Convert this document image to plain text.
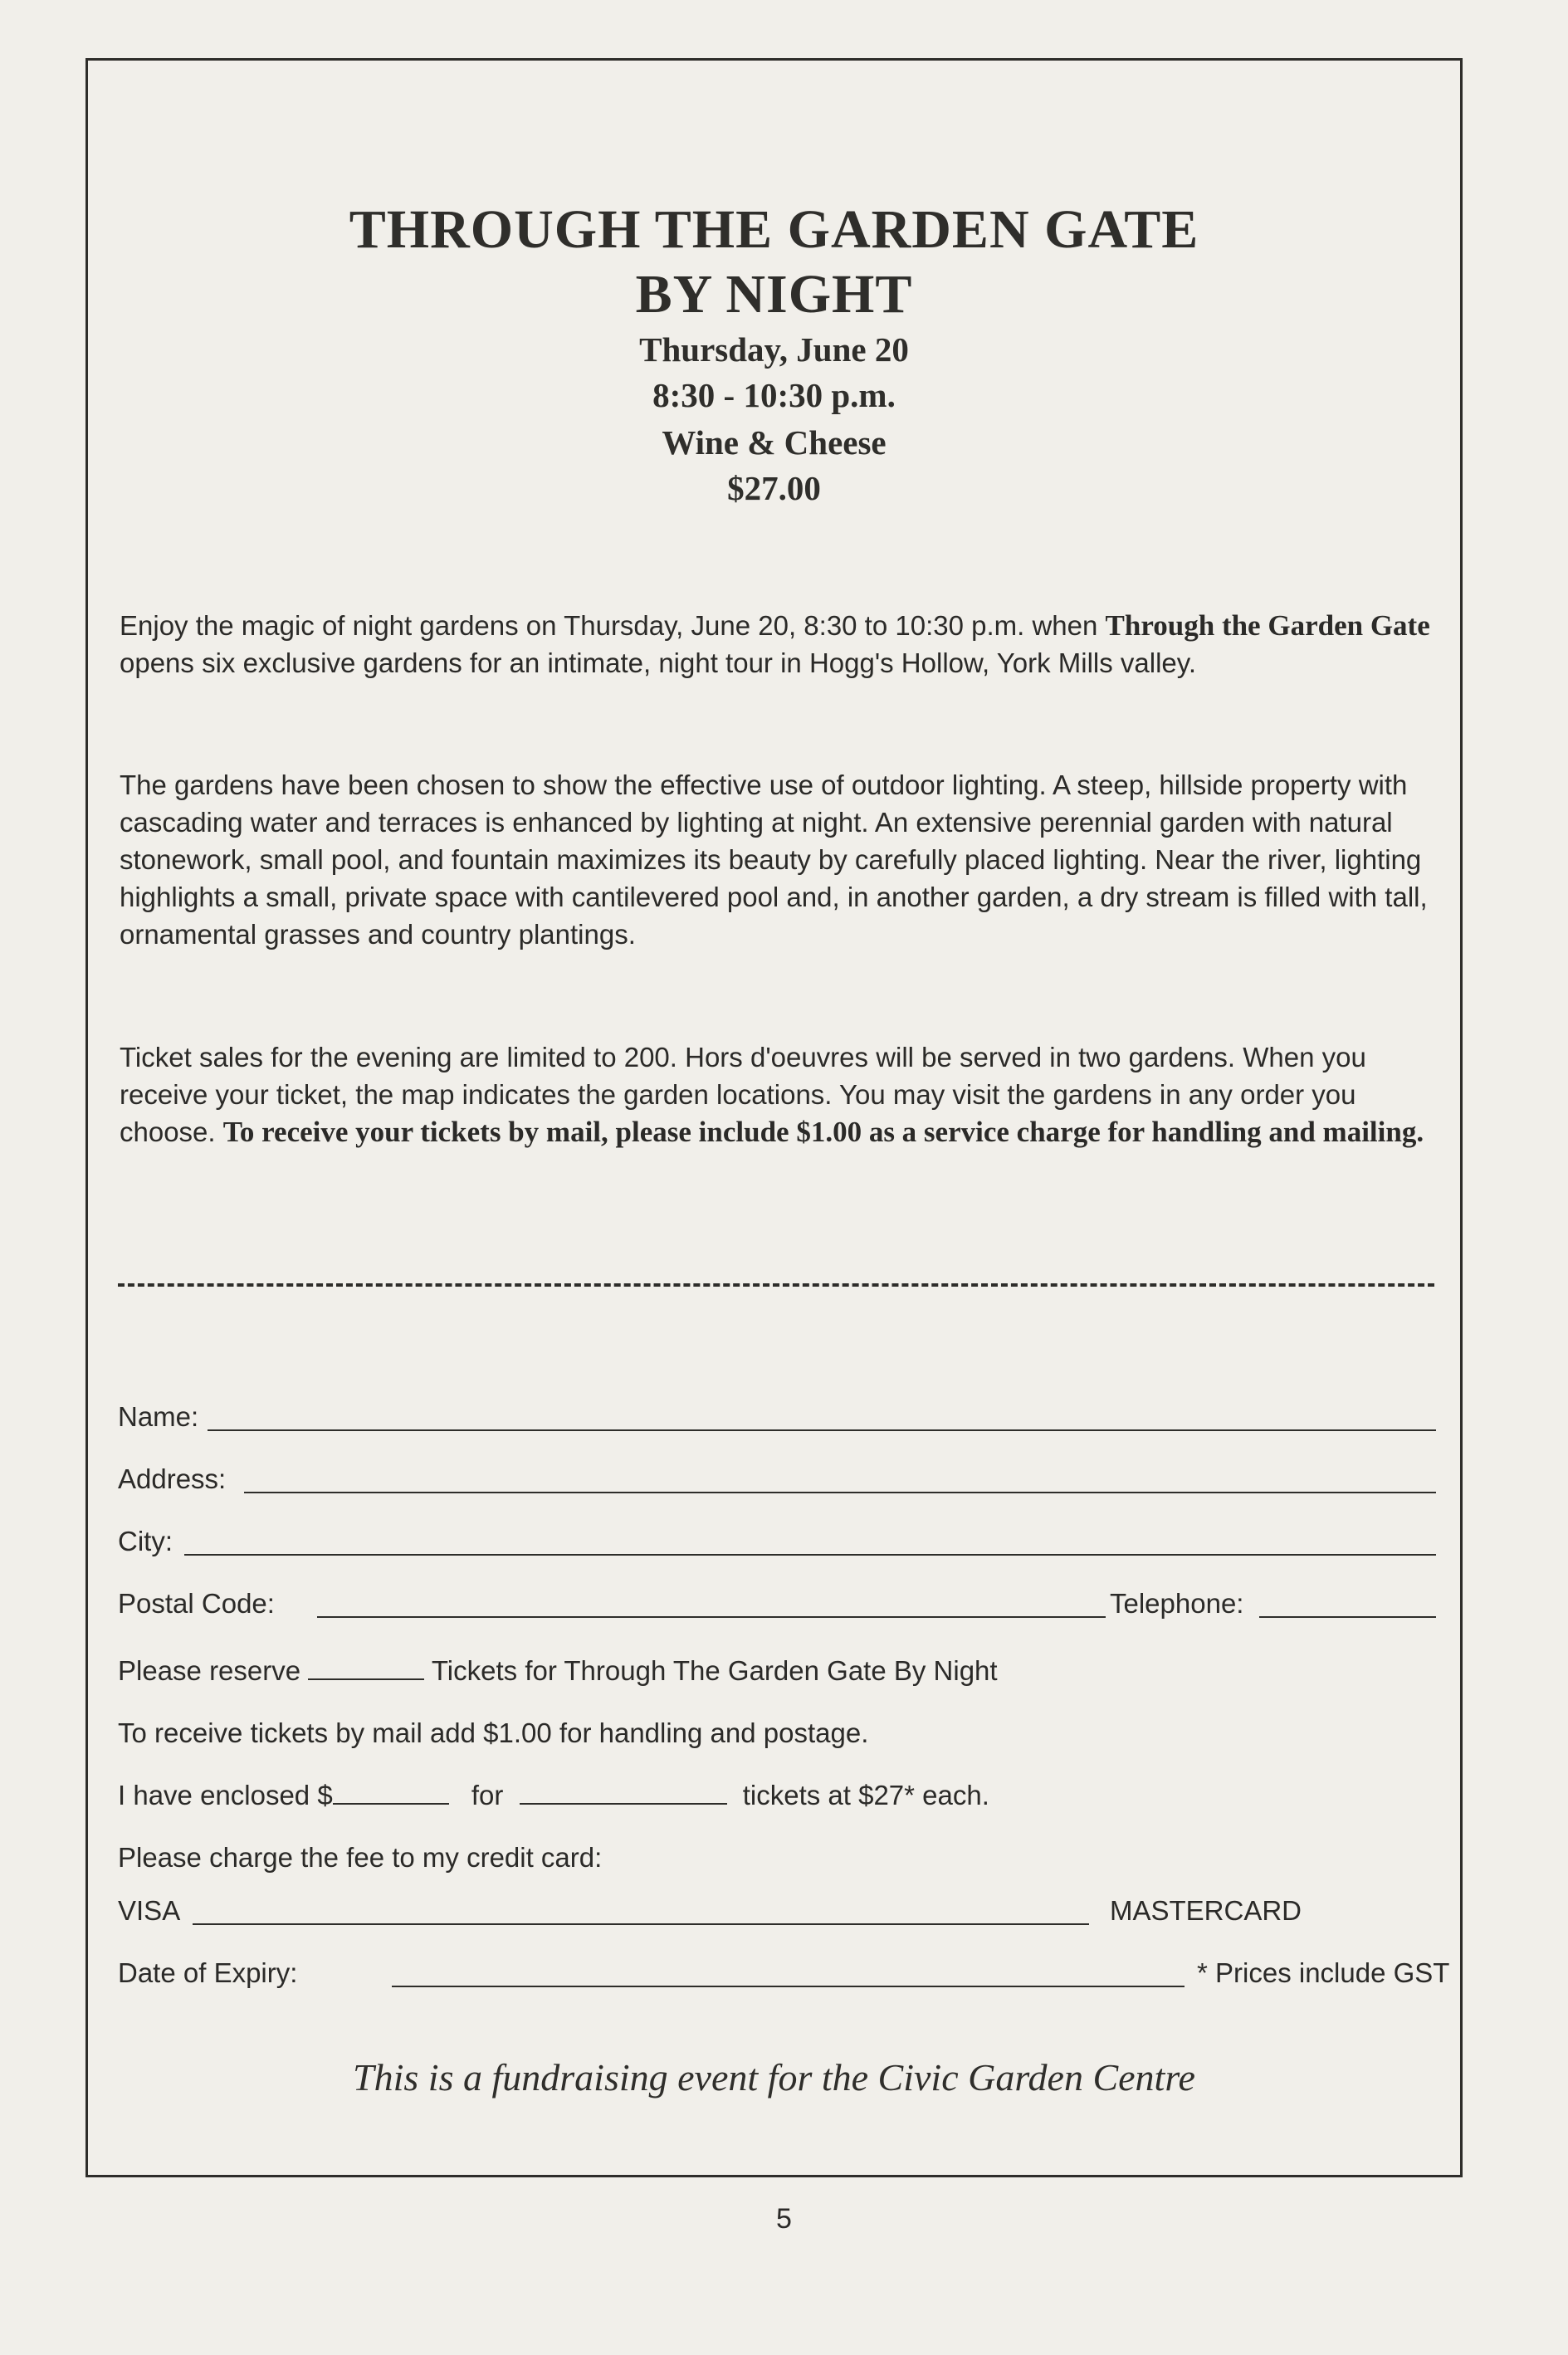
THROUGH THE GARDEN GATE
BY NIGHT
Thursday, June 20
8:30 - 10:30 p.m.
Wine & Cheese
$27.00

Enjoy the magic of night gardens on Thursday, June 20, 8:30 to 10:30 p.m. when Through the Garden Gate opens six exclusive gardens for an intimate, night tour in Hogg's Hollow, York Mills valley.

The gardens have been chosen to show the effective use of outdoor lighting. A steep, hillside property with cascading water and terraces is enhanced by lighting at night. An extensive perennial garden with natural stonework, small pool, and fountain maximizes its beauty by carefully placed lighting. Near the river, lighting highlights a small, private space with cantilevered pool and, in another garden, a dry stream is filled with tall, ornamental grasses and country plantings.

Ticket sales for the evening are limited to 200. Hors d'oeuvres will be served in two gardens. When you receive your ticket, the map indicates the garden locations. You may visit the gardens in any order you choose. To receive your tickets by mail, please include $1.00 as a service charge for handling and mailing.

Name:
Address:
City:
Postal Code:	Telephone:
Please reserve	Tickets for Through The Garden Gate By Night
To receive tickets by mail add $1.00 for handling and postage.
I have enclosed $	for	tickets at $27* each.
Please charge the fee to my credit card:
VISA	MASTERCARD
Date of Expiry:	* Prices include GST
This is a fundraising event for the Civic Garden Centre
5
